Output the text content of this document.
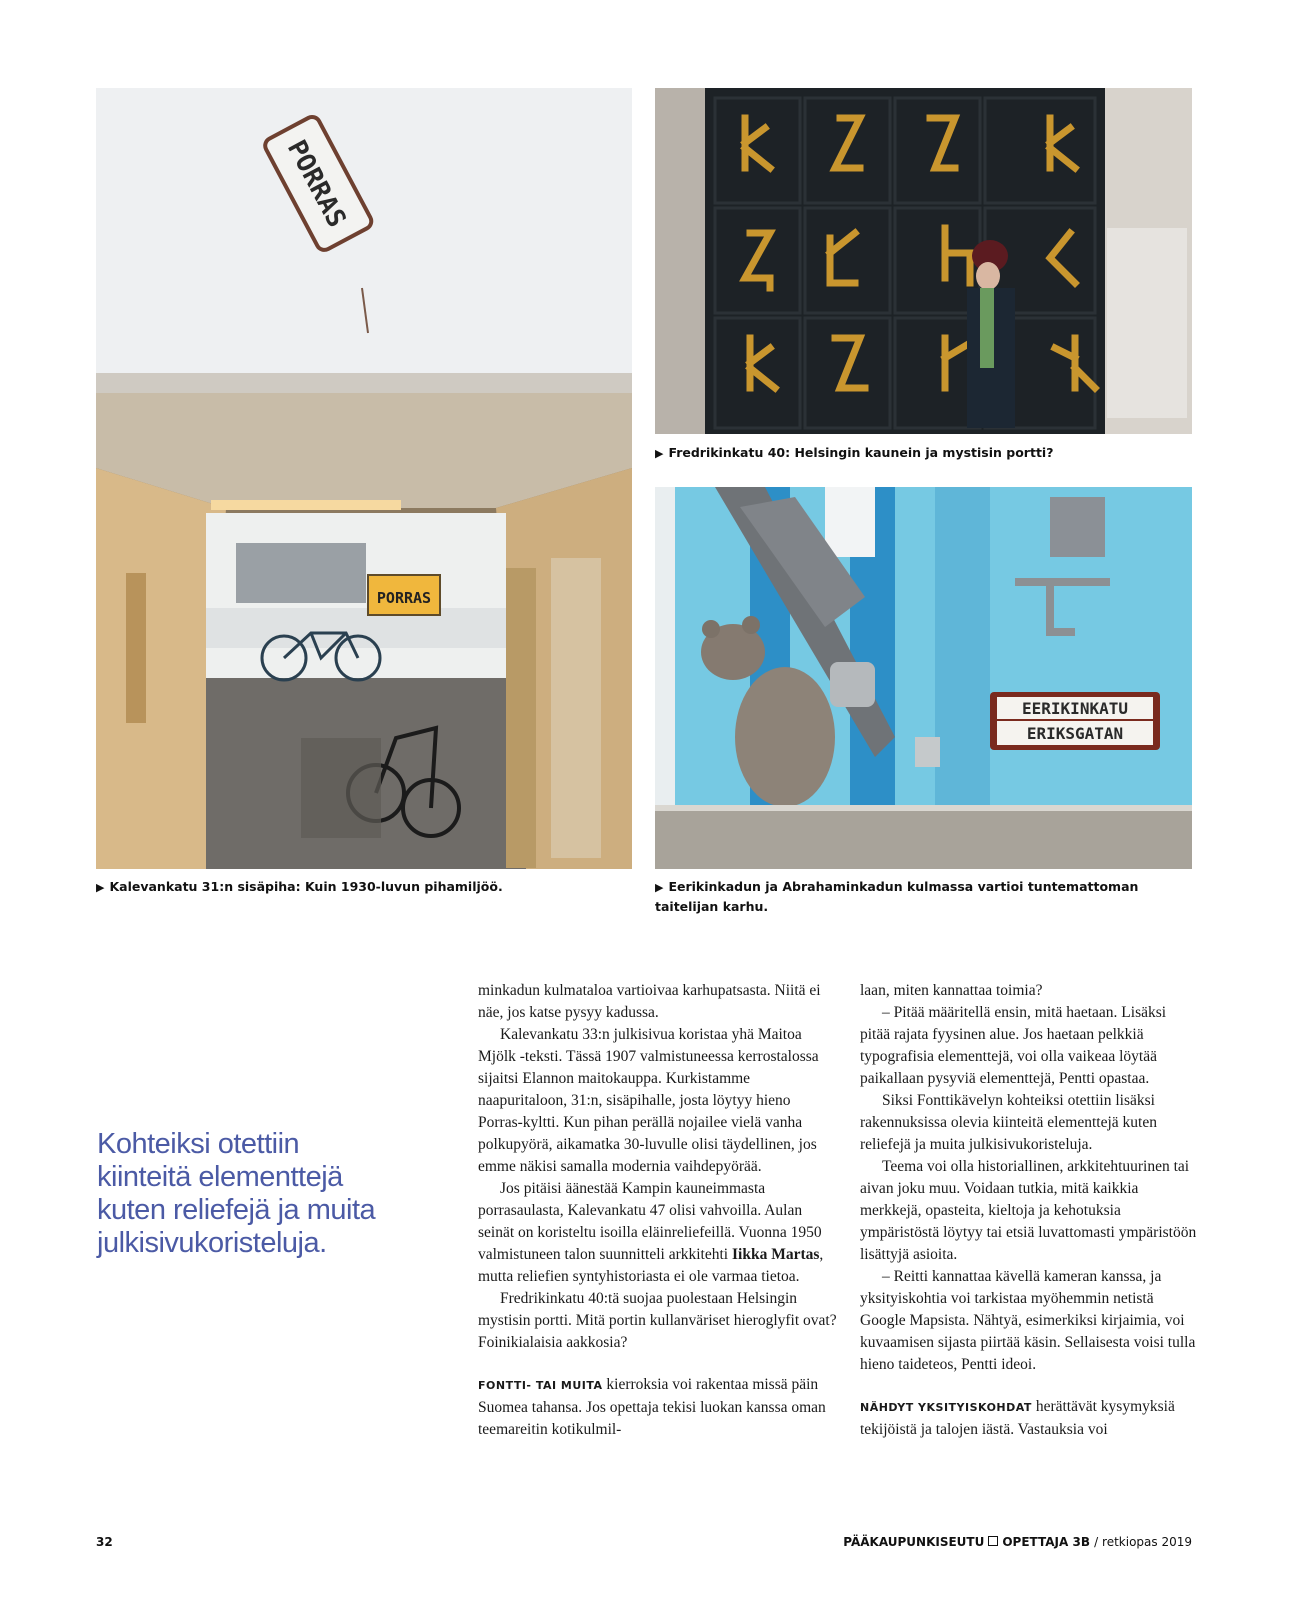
PORRAS
PORRAS
▶ Fredrikinkatu 40: Helsingin kaunein ja mystisin portti?
EERIKINKATU
ERIKSGATAN
▶ Eerikinkadun ja Abrahaminkadun kulmassa vartioi tuntemattoman taitelijan karhu.
▶ Kalevankatu 31:n sisäpiha: Kuin 1930-luvun pihamiljöö.
Kohteiksi otettiin kiinteitä elementtejä kuten reliefejä ja muita julkisivukoristeluja.

minkadun kulmataloa vartioivaa karhupatsasta. Niitä ei näe, jos katse pysyy kadussa.

Kalevankatu 33:n julkisivua koristaa yhä Maitoa Mjölk -teksti. Tässä 1907 valmistuneessa kerrostalossa sijaitsi Elannon maitokauppa. Kurkistamme naapuritaloon, 31:n, sisäpihalle, josta löytyy hieno Porras-kyltti. Kun pihan perällä nojailee vielä vanha polkupyörä, aikamatka 30-luvulle olisi täydellinen, jos emme näkisi samalla modernia vaihdepyörää.

Jos pitäisi äänestää Kampin kauneimmasta porrasaulasta, Kalevankatu 47 olisi vahvoilla. Aulan seinät on koristeltu isoilla eläinreliefeillä. Vuonna 1950 valmistuneen talon suunnitteli arkkitehti Iikka Martas, mutta reliefien syntyhistoriasta ei ole varmaa tietoa.

Fredrikinkatu 40:tä suojaa puolestaan Helsingin mystisin portti. Mitä portin kullanväriset hieroglyfit ovat? Foinikialaisia aakkosia?

FONTTI- TAI MUITA kierroksia voi rakentaa missä päin Suomea tahansa. Jos opettaja tekisi luokan kanssa oman teemareitin kotikulmil-

laan, miten kannattaa toimia?

– Pitää määritellä ensin, mitä haetaan. Lisäksi pitää rajata fyysinen alue. Jos haetaan pelkkiä typografisia elementtejä, voi olla vaikeaa löytää paikallaan pysyviä elementtejä, Pentti opastaa.

Siksi Fonttikävelyn kohteiksi otettiin lisäksi rakennuksissa olevia kiinteitä elementtejä kuten reliefejä ja muita julkisivukoristeluja.

Teema voi olla historiallinen, arkkitehtuurinen tai aivan joku muu. Voidaan tutkia, mitä kaikkia merkkejä, opasteita, kieltoja ja kehotuksia ympäristöstä löytyy tai etsiä luvattomasti ympäristöön lisättyjä asioita.

– Reitti kannattaa kävellä kameran kanssa, ja yksityiskohtia voi tarkistaa myöhemmin netistä Google Mapsista. Nähtyä, esimerkiksi kirjaimia, voi kuvaamisen sijasta piirtää käsin. Sellaisesta voisi tulla hieno taideteos, Pentti ideoi.

NÄHDYT YKSITYISKOHDAT herättävät kysymyksiä tekijöistä ja talojen iästä. Vastauksia voi

32	PÄÄKAUPUNKISEUTU OPETTAJA 3B / retkiopas 2019
